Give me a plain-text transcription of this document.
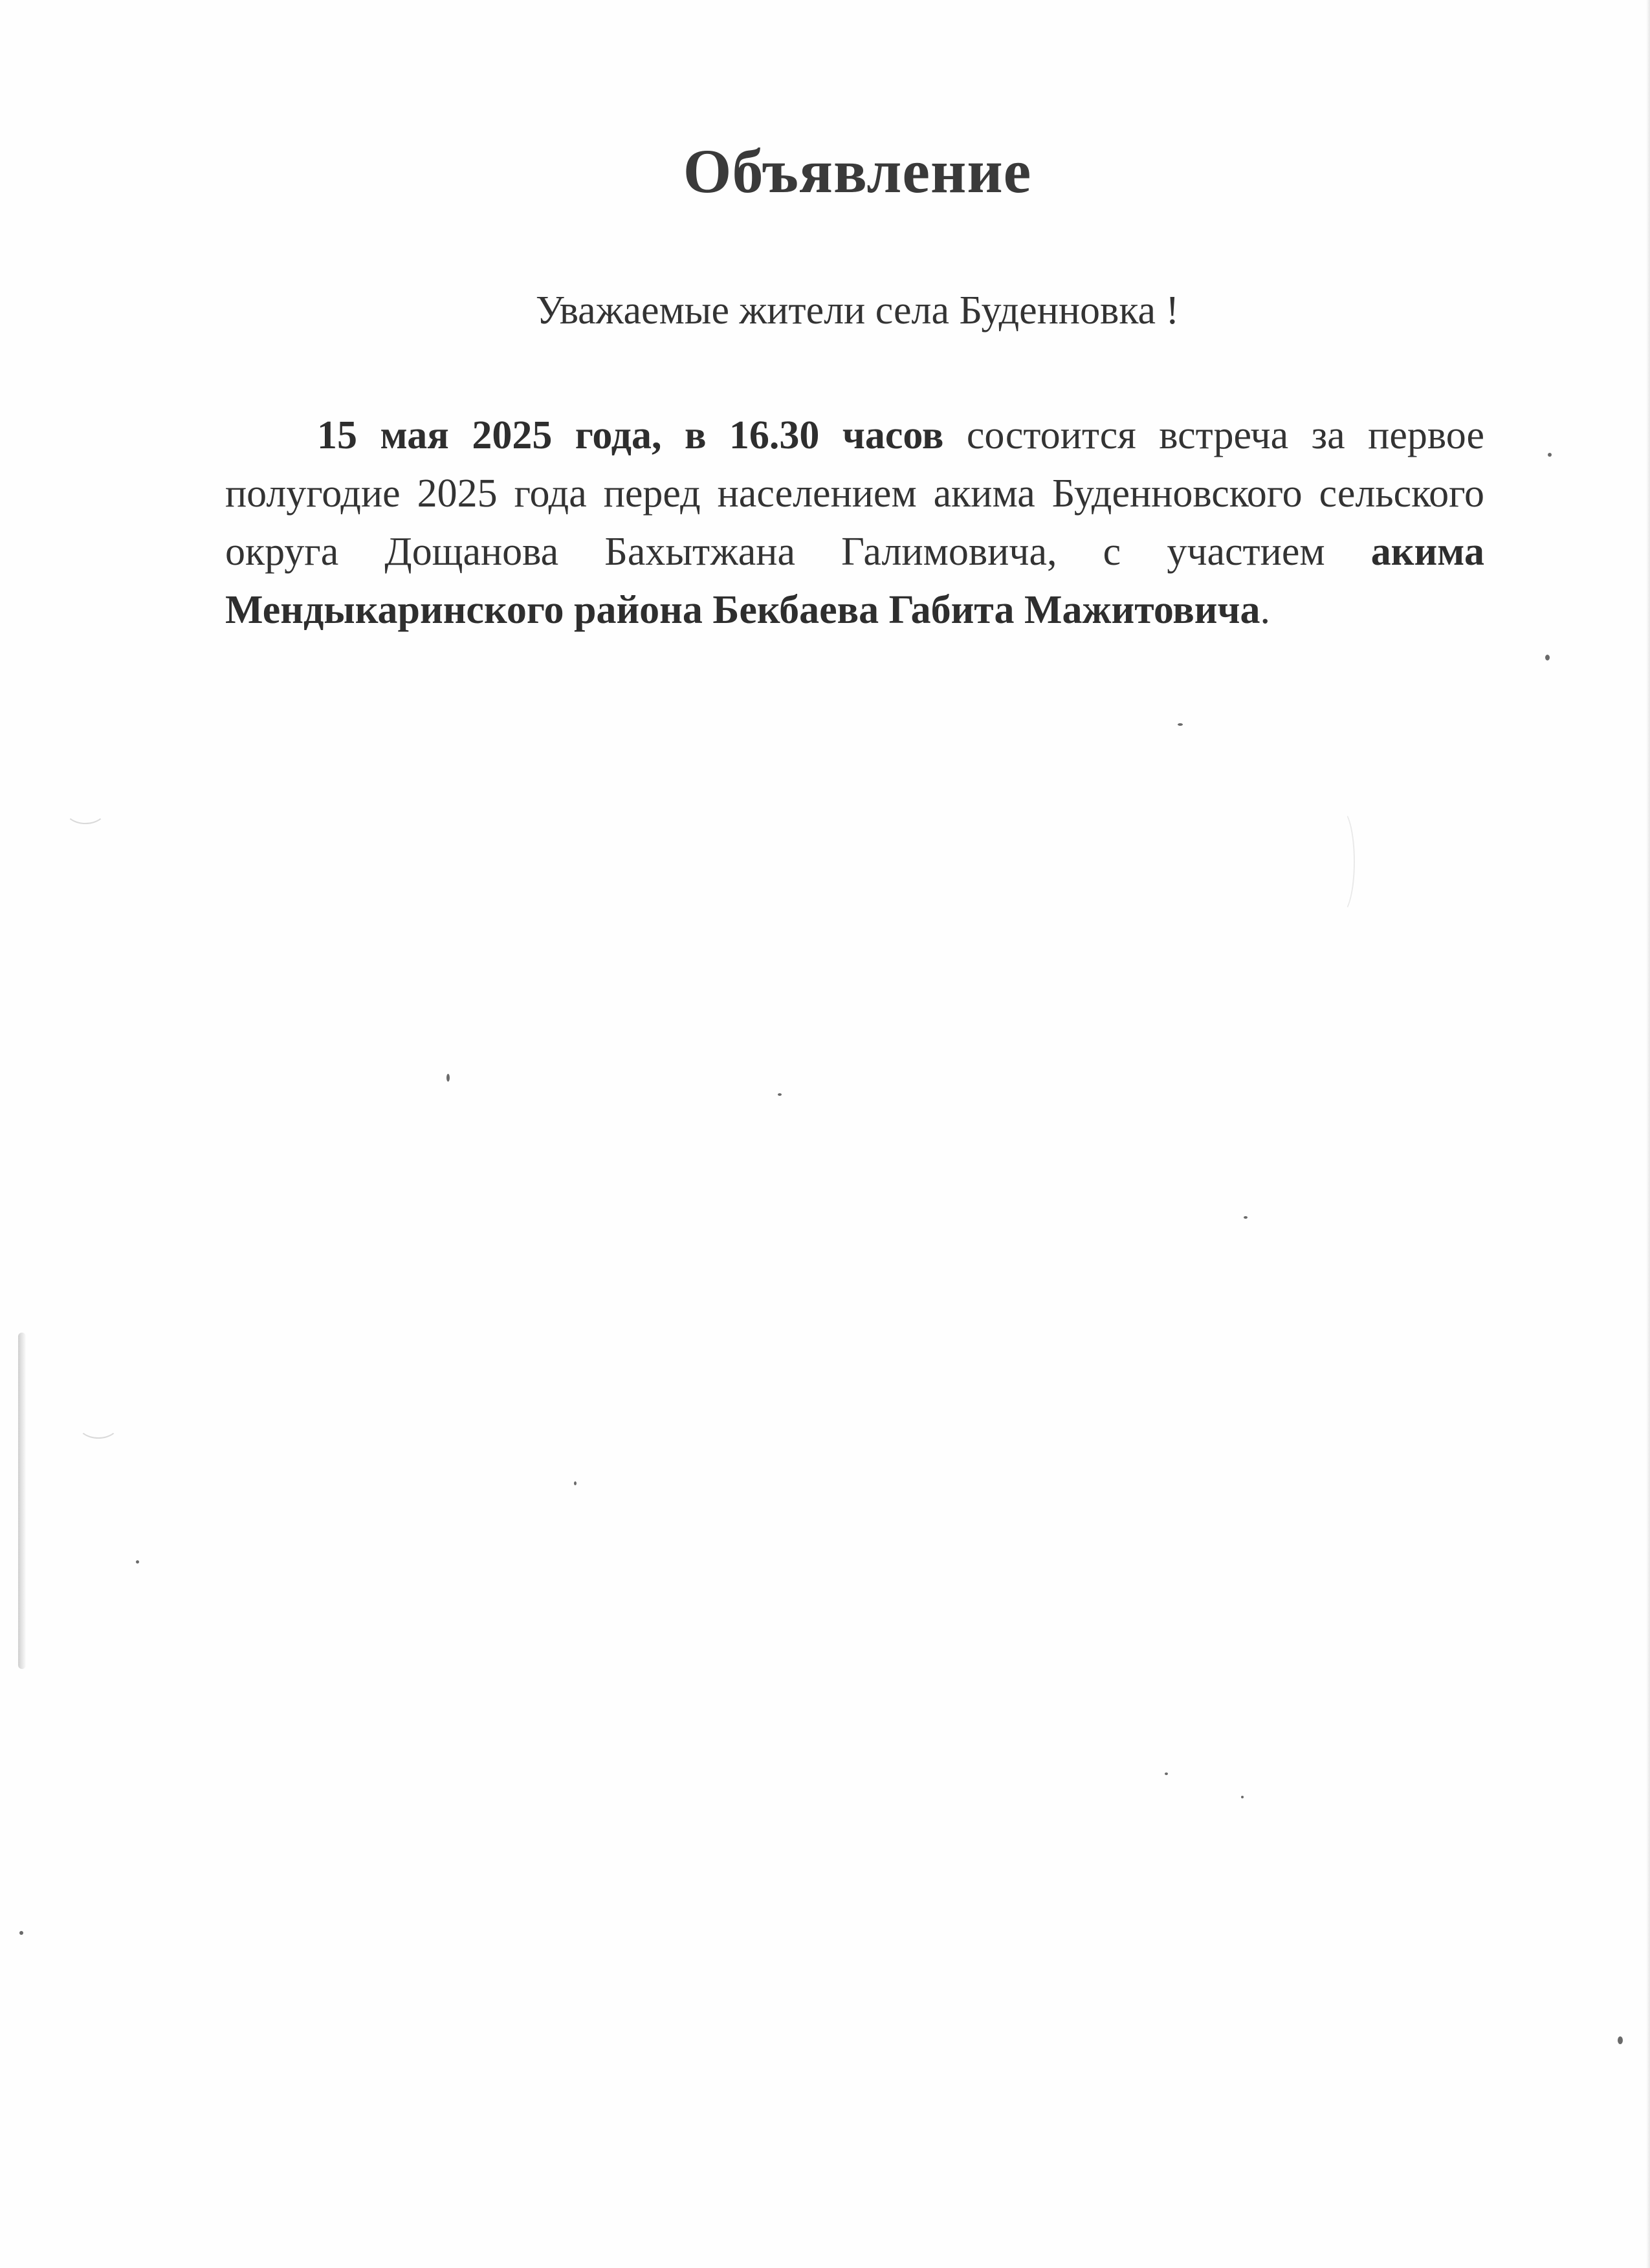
Объявление
Уважаемые жители села Буденновка !
15 мая 2025 года, в 16.30 часов состоится встреча за первое полугодие 2025 года перед населением акима Буденновского сельского округа Дощанова Бахытжана Галимовича, с участием акима Мендыкаринского района Бекбаева Габита Мажитовича.
